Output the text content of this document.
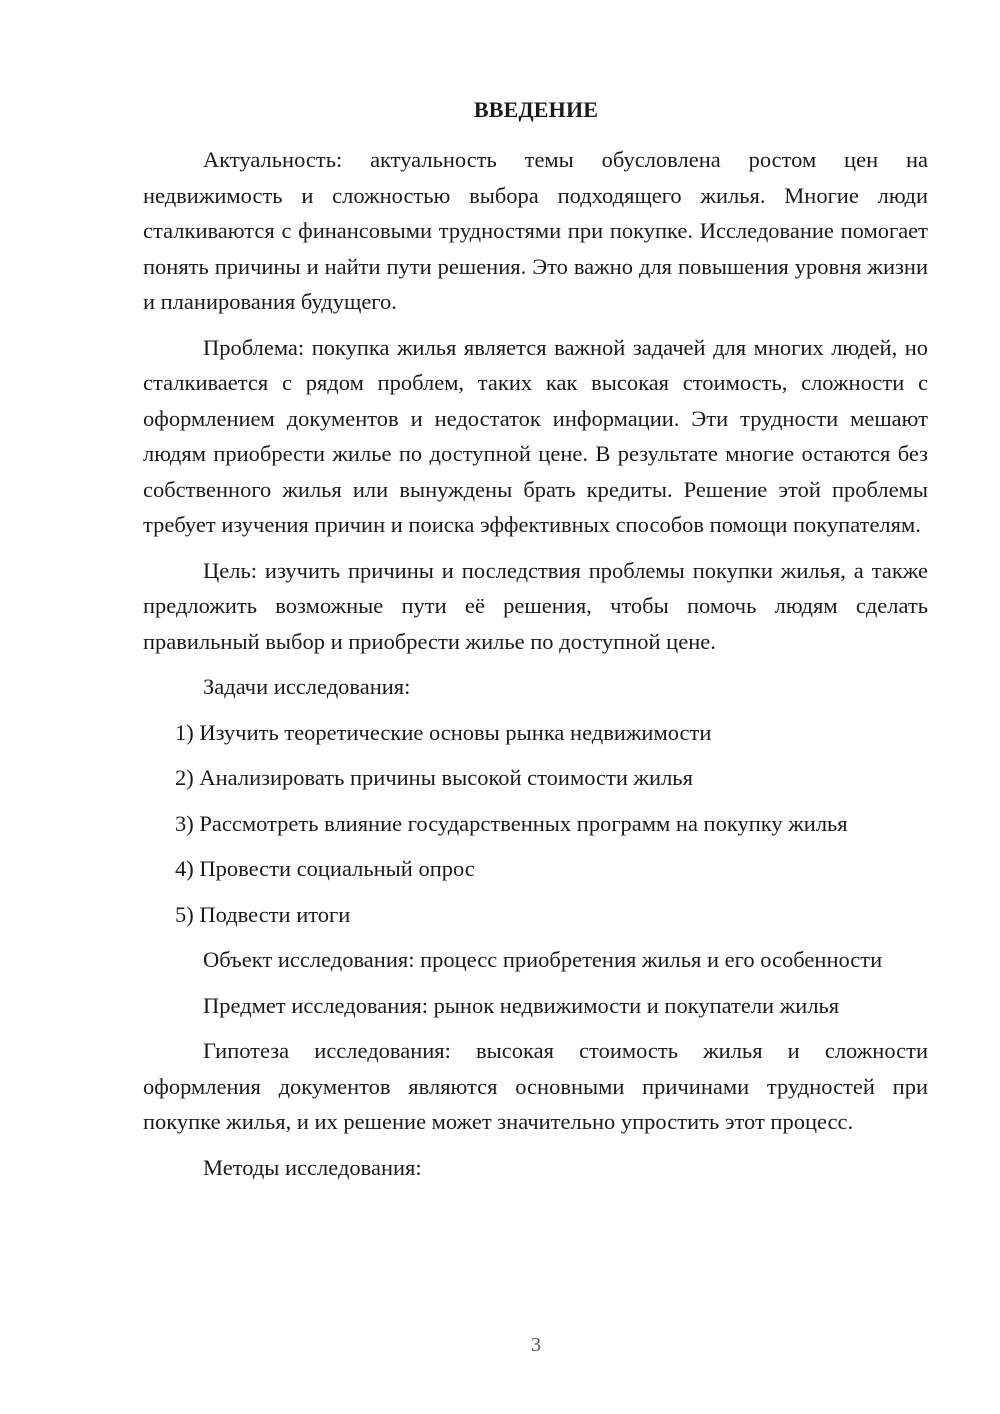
ВВЕДЕНИЕ

Актуальность: актуальность темы обусловлена ростом цен на недвижимость и сложностью выбора подходящего жилья. Многие люди сталкиваются с финансовыми трудностями при покупке. Исследование помогает понять причины и найти пути решения. Это важно для повышения уровня жизни и планирования будущего.

Проблема: покупка жилья является важной задачей для многих людей, но сталкивается с рядом проблем, таких как высокая стоимость, сложности с оформлением документов и недостаток информации. Эти трудности мешают людям приобрести жилье по доступной цене. В результате многие остаются без собственного жилья или вынуждены брать кредиты. Решение этой проблемы требует изучения причин и поиска эффективных способов помощи покупателям.

Цель: изучить причины и последствия проблемы покупки жилья, а также предложить возможные пути её решения, чтобы помочь людям сделать правильный выбор и приобрести жилье по доступной цене.

Задачи исследования:

1) Изучить теоретические основы рынка недвижимости

2) Анализировать причины высокой стоимости жилья

3) Рассмотреть влияние государственных программ на покупку жилья

4) Провести социальный опрос

5) Подвести итоги

Объект исследования: процесс приобретения жилья и его особенности

Предмет исследования: рынок недвижимости и покупатели жилья

Гипотеза исследования: высокая стоимость жилья и сложности оформления документов являются основными причинами трудностей при покупке жилья, и их решение может значительно упростить этот процесс.

Методы исследования:

3
